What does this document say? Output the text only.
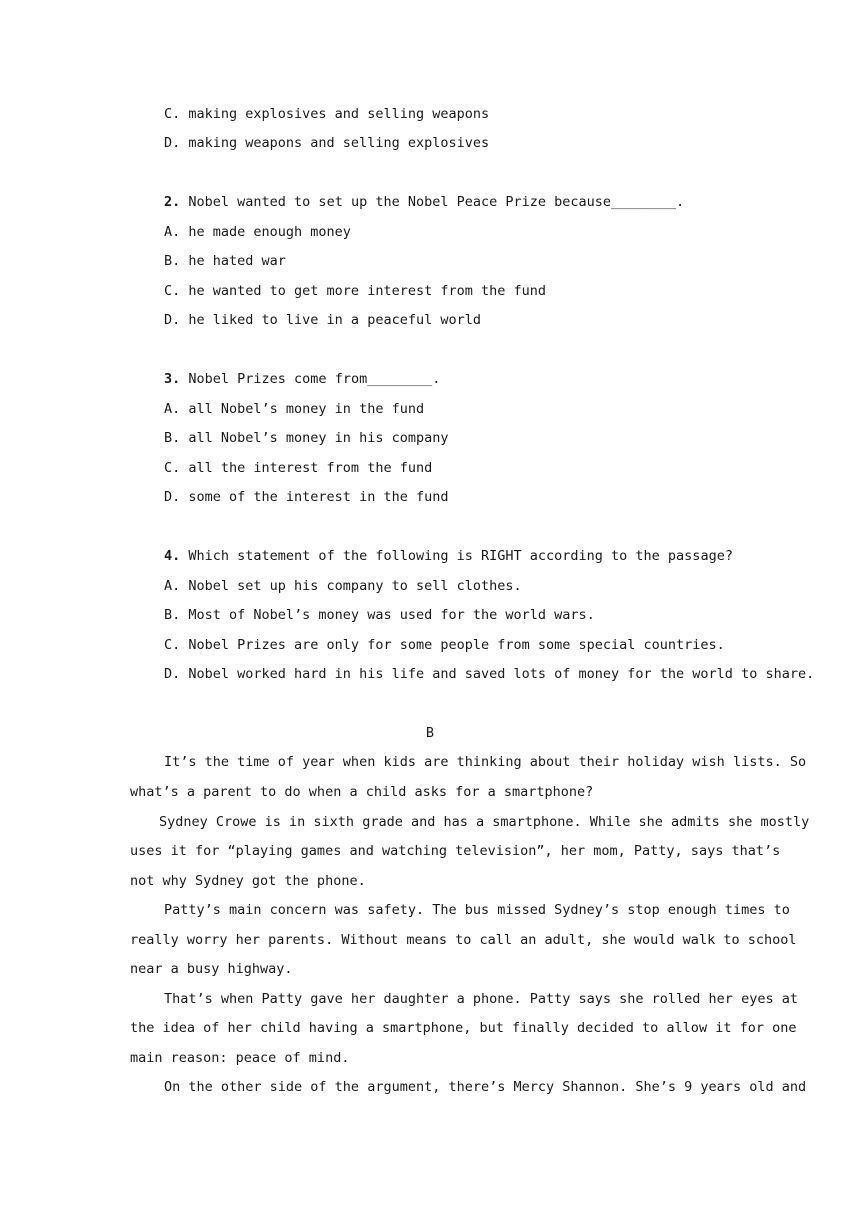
C. making explosives and selling weapons
D. making weapons and selling explosives
2. Nobel wanted to set up the Nobel Peace Prize because________.
A. he made enough money
B. he hated war
C. he wanted to get more interest from the fund
D. he liked to live in a peaceful world
3. Nobel Prizes come from________.
A. all Nobel’s money in the fund
B. all Nobel’s money in his company
C. all the interest from the fund
D. some of the interest in the fund
4. Which statement of the following is RIGHT according to the passage?
A. Nobel set up his company to sell clothes.
B. Most of Nobel’s money was used for the world wars.
C. Nobel Prizes are only for some people from some special countries.
D. Nobel worked hard in his life and saved lots of money for the world to share.
B
It’s the time of year when kids are thinking about their holiday wish lists. So
what’s a parent to do when a child asks for a smartphone?
Sydney Crowe is in sixth grade and has a smartphone. While she admits she mostly
uses it for “playing games and watching television”, her mom, Patty, says that’s
not why Sydney got the phone.
Patty’s main concern was safety. The bus missed Sydney’s stop enough times to
really worry her parents. Without means to call an adult, she would walk to school
near a busy highway.
That’s when Patty gave her daughter a phone. Patty says she rolled her eyes at
the idea of her child having a smartphone, but finally decided to allow it for one
main reason: peace of mind.
On the other side of the argument, there’s Mercy Shannon. She’s 9 years old and
